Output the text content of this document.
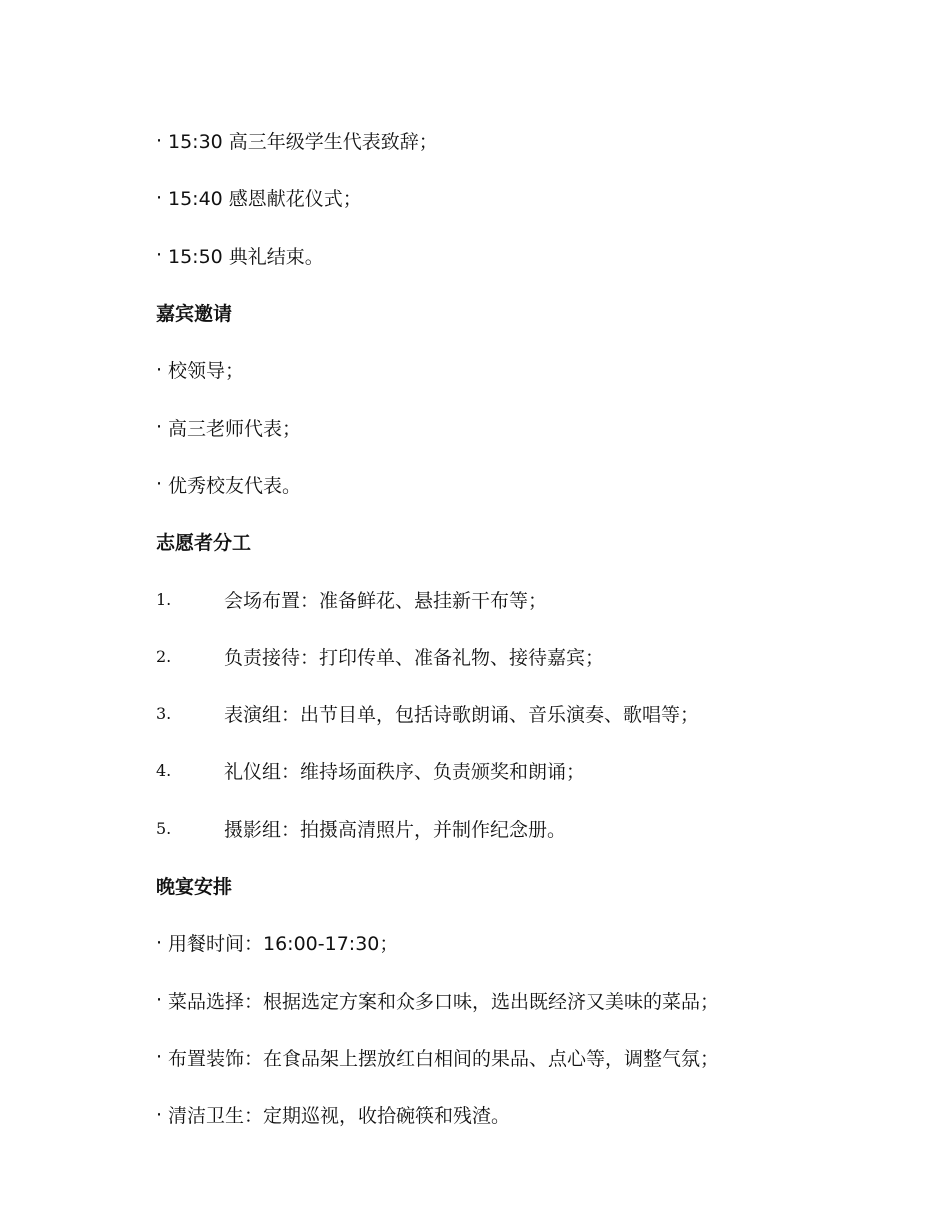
· 15:30 高三年级学生代表致辞；
· 15:40 感恩献花仪式；
· 15:50 典礼结束。
嘉宾邀请
· 校领导；
· 高三老师代表；
· 优秀校友代表。
志愿者分工
1.	会场布置：准备鲜花、悬挂新干布等；
2.	负责接待：打印传单、准备礼物、接待嘉宾；
3.	表演组：出节目单，包括诗歌朗诵、音乐演奏、歌唱等；
4.	礼仪组：维持场面秩序、负责颁奖和朗诵；
5.	摄影组：拍摄高清照片，并制作纪念册。
晚宴安排
· 用餐时间：16:00-17:30；
· 菜品选择：根据选定方案和众多口味，选出既经济又美味的菜品；
· 布置装饰：在食品架上摆放红白相间的果品、点心等，调整气氛；
· 清洁卫生：定期巡视，收拾碗筷和残渣。
